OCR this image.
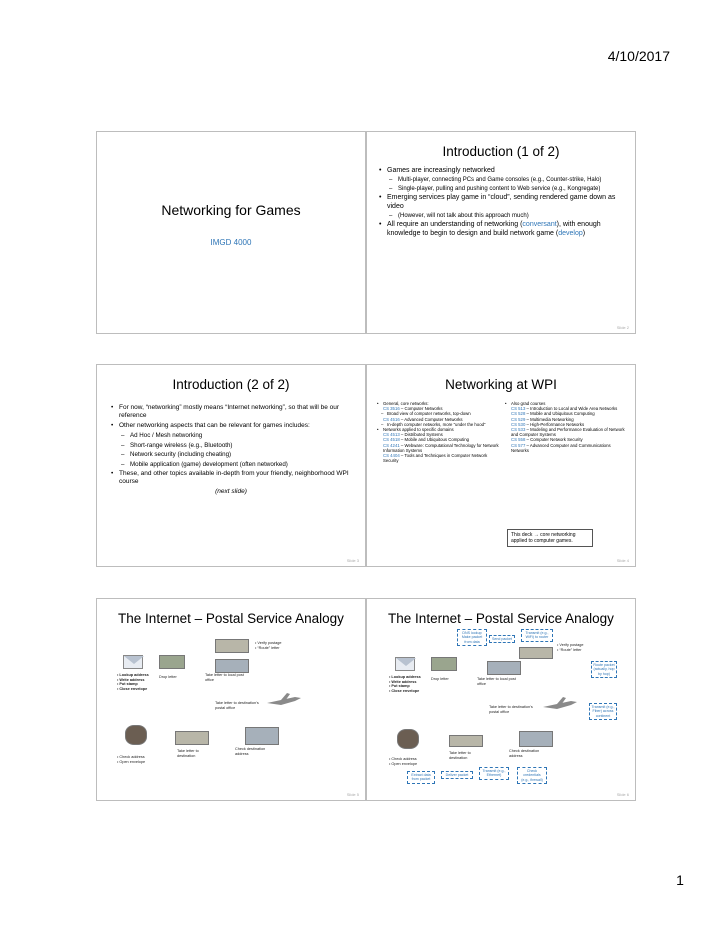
4/10/2017
Networking for Games
IMGD 4000
Introduction (1 of 2)
• Games are increasingly networked
– Multi-player, connecting PCs and Game consoles (e.g., Counter-strike, Halo)
– Single-player, pulling and pushing content to Web service (e.g., Kongregate)
• Emerging services play game in “cloud”, sending rendered game down as video
– (However, will not talk about this approach much)
• All require an understanding of networking (conversant), with enough knowledge to begin to design and build network game (develop)
Slide 2
Introduction (2 of 2)
• For now, “networking” mostly means “Internet networking”, so that will be our reference
• Other networking aspects that can be relevant for games includes:
– Ad Hoc / Mesh networking
– Short-range wireless (e.g., Bluetooth)
– Network security (including cheating)
– Mobile application (game) development (often networked)
• These, and other topics available in-depth from your friendly, neighborhood WPI course
(next slide)
Slide 3
Networking at WPI
• General, core networks:
CS 3516 – Computer Networks
– Broad view of computer networks, top-down
CS 4516 – Advanced Computer Networks
– In-depth computer networks, more “under the hood”
• Networks applied to specific domains
CS 4513 – Distributed Systems
CS 4518 – Mobile and Ubiquitous Computing
CS 4241 – Webware: Computational Technology for Network Information Systems
CS 4404 – Tools and Techniques in Computer Network Security
• Also grad courses
CS 513 – Introduction to Local and Wide Area Networks
CS 528 – Mobile and Ubiquitous Computing
CS 529 – Multimedia Networking
CS 530 – High-Performance Networks
CS 533 – Modeling and Performance Evaluation of Network and Computer Systems
CS 558 – Computer Network Security
CS 577 – Advanced Computer and Communications Networks
This deck → core networking applied to computer games.
Slide 4
The Internet – Postal Service Analogy
• Verify postage
• “Route” letter
Take letter to local post office
• Lookup address
• Write address
• Put stamp
• Close envelope
Drop letter
Take letter to destination’s postal office
Take letter to destination
Check destination address
• Check address
• Open envelope
Slide 5
The Internet – Postal Service Analogy
DNS lookup Make packet from data
Send packet
Transmit (e.g., WiFi) to router
• Verify postage
• “Route” letter
Route packet (actually, hop by hop)
Take letter to local post office
• Lookup address
• Write address
• Put stamp
• Close envelope
Drop letter
Transmit (e.g., Fiber) across continent
Take letter to destination’s postal office
Take letter to destination
Check destination address
• Check address
• Open envelope
Extract data from packet
Deliver packet
Transmit (e.g., Ethernet)
Check credentials (e.g., firewall)
Slide 6
1
